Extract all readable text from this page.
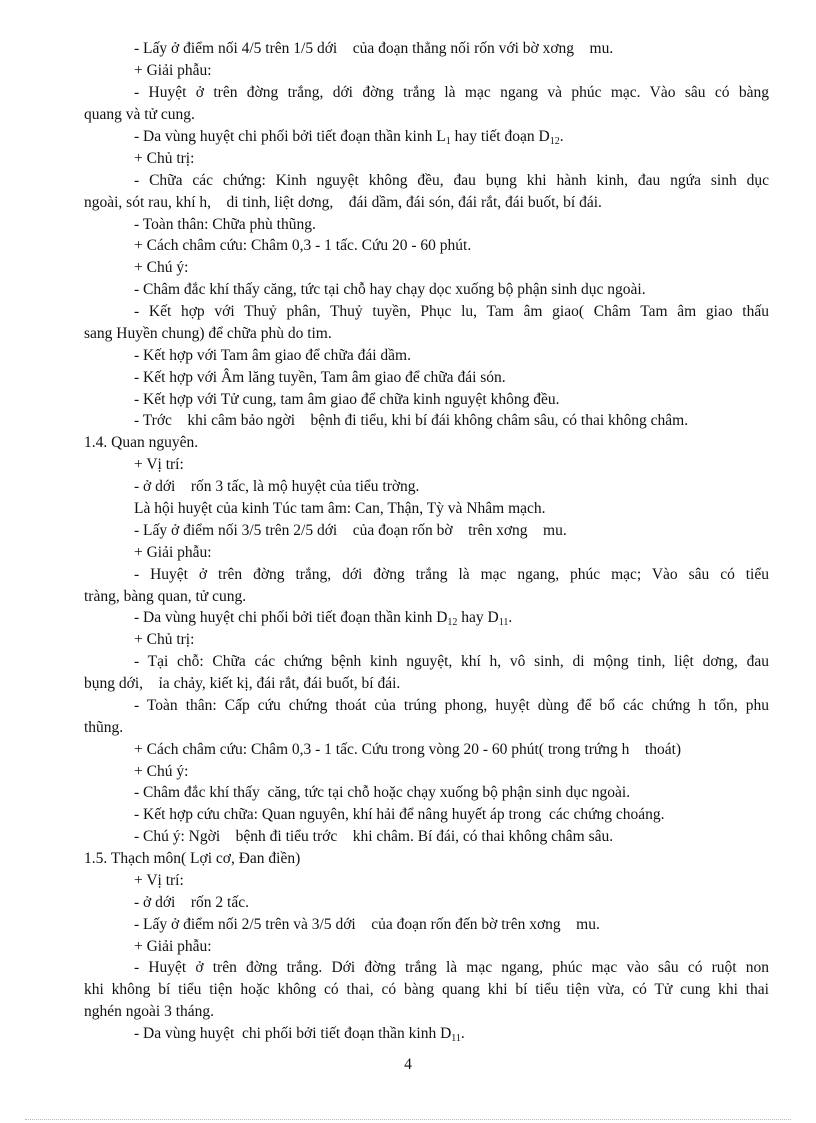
- Lấy ở điểm nối 4/5 trên 1/5 dới    của đoạn thẳng nối rốn với bờ xơng    mu.
+ Giải phẫu:
- Huyệt ở trên đờng trắng, dới đờng trắng là mạc ngang và phúc mạc. Vào sâu có bàng
quang và tử cung.
- Da vùng huyệt chi phối bởi tiết đoạn thần kinh $L_1$ hay tiết đoạn $D_{12}$.
+ Chủ trị:
- Chữa các chứng: Kinh nguyệt không đều, đau bụng khi hành kinh, đau ngứa sinh dục
ngoài, sót rau, khí h,    di tinh, liệt dơng,    đái dầm, đái són, đái rắt, đái buốt, bí đái.
- Toàn thân: Chữa phù thũng.
+ Cách châm cứu: Châm 0,3 - 1 tấc. Cứu 20 - 60 phút.
+ Chú ý:
- Châm đắc khí thấy căng, tức tại chỗ hay chạy dọc xuống bộ phận sinh dục ngoài.
- Kết hợp với Thuỷ phân, Thuỷ tuyền, Phục lu, Tam âm giao( Châm Tam âm giao thấu
sang Huyền chung) để chữa phù do tim.
- Kết hợp với Tam âm giao để chữa đái dầm.
- Kết hợp với Âm lăng tuyền, Tam âm giao để chữa đái són.
- Kết hợp với Tử cung, tam âm giao để chữa kinh nguyệt không đều.
- Trớc    khi câm bảo ngời    bệnh đi tiểu, khi bí đái không châm sâu, có thai không châm.
1.4. Quan nguyên.
+ Vị trí:
- ở dới    rốn 3 tấc, là mộ huyệt của tiểu trờng.
Là hội huyệt của kinh Túc tam âm: Can, Thận, Tỳ và Nhâm mạch.
- Lấy ở điểm nối 3/5 trên 2/5 dới    của đoạn rốn bờ    trên xơng    mu.
+ Giải phẫu:
- Huyệt ở trên đờng trắng, dới đờng trắng là mạc ngang, phúc mạc; Vào sâu có tiểu
tràng, bàng quan, tử cung.
- Da vùng huyệt chi phối bởi tiết đoạn thần kinh $D_{12}$ hay $D_{11}$.
+ Chủ trị:
- Tại chỗ: Chữa các chứng bệnh kinh nguyệt, khí h, vô sinh, di mộng tinh, liệt dơng, đau
bụng dới,    ỉa chảy, kiết kị, đái rắt, đái buốt, bí đái.
- Toàn thân: Cấp cứu chứng thoát của trúng phong, huyệt dùng để bổ các chứng h tổn, phu
thũng.
+ Cách châm cứu: Châm 0,3 - 1 tấc. Cứu trong vòng 20 - 60 phút( trong trứng h    thoát)
+ Chú ý:
- Châm đắc khí thấy  căng, tức tại chỗ hoặc chạy xuống bộ phận sinh dục ngoài.
- Kết hợp cứu chữa: Quan nguyên, khí hải để nâng huyết áp trong  các chứng choáng.
- Chú ý: Ngời    bệnh đi tiểu trớc    khi châm. Bí đái, có thai không châm sâu.
1.5. Thạch môn( Lợi cơ, Đan điền)
+ Vị trí:
- ở dới    rốn 2 tấc.
- Lấy ở điểm nối 2/5 trên và 3/5 dới    của đoạn rốn đến bờ trên xơng    mu.
+ Giải phẫu:
- Huyệt ở trên đờng trắng. Dới đờng trắng là mạc ngang, phúc mạc vào sâu có ruột non
khi không bí tiểu tiện hoặc không có thai, có bàng quang khi bí tiểu tiện vừa, có Tử cung khi thai
nghén ngoài 3 tháng.
- Da vùng huyệt  chi phối bởi tiết đoạn thần kinh $D_{11}$.
4
